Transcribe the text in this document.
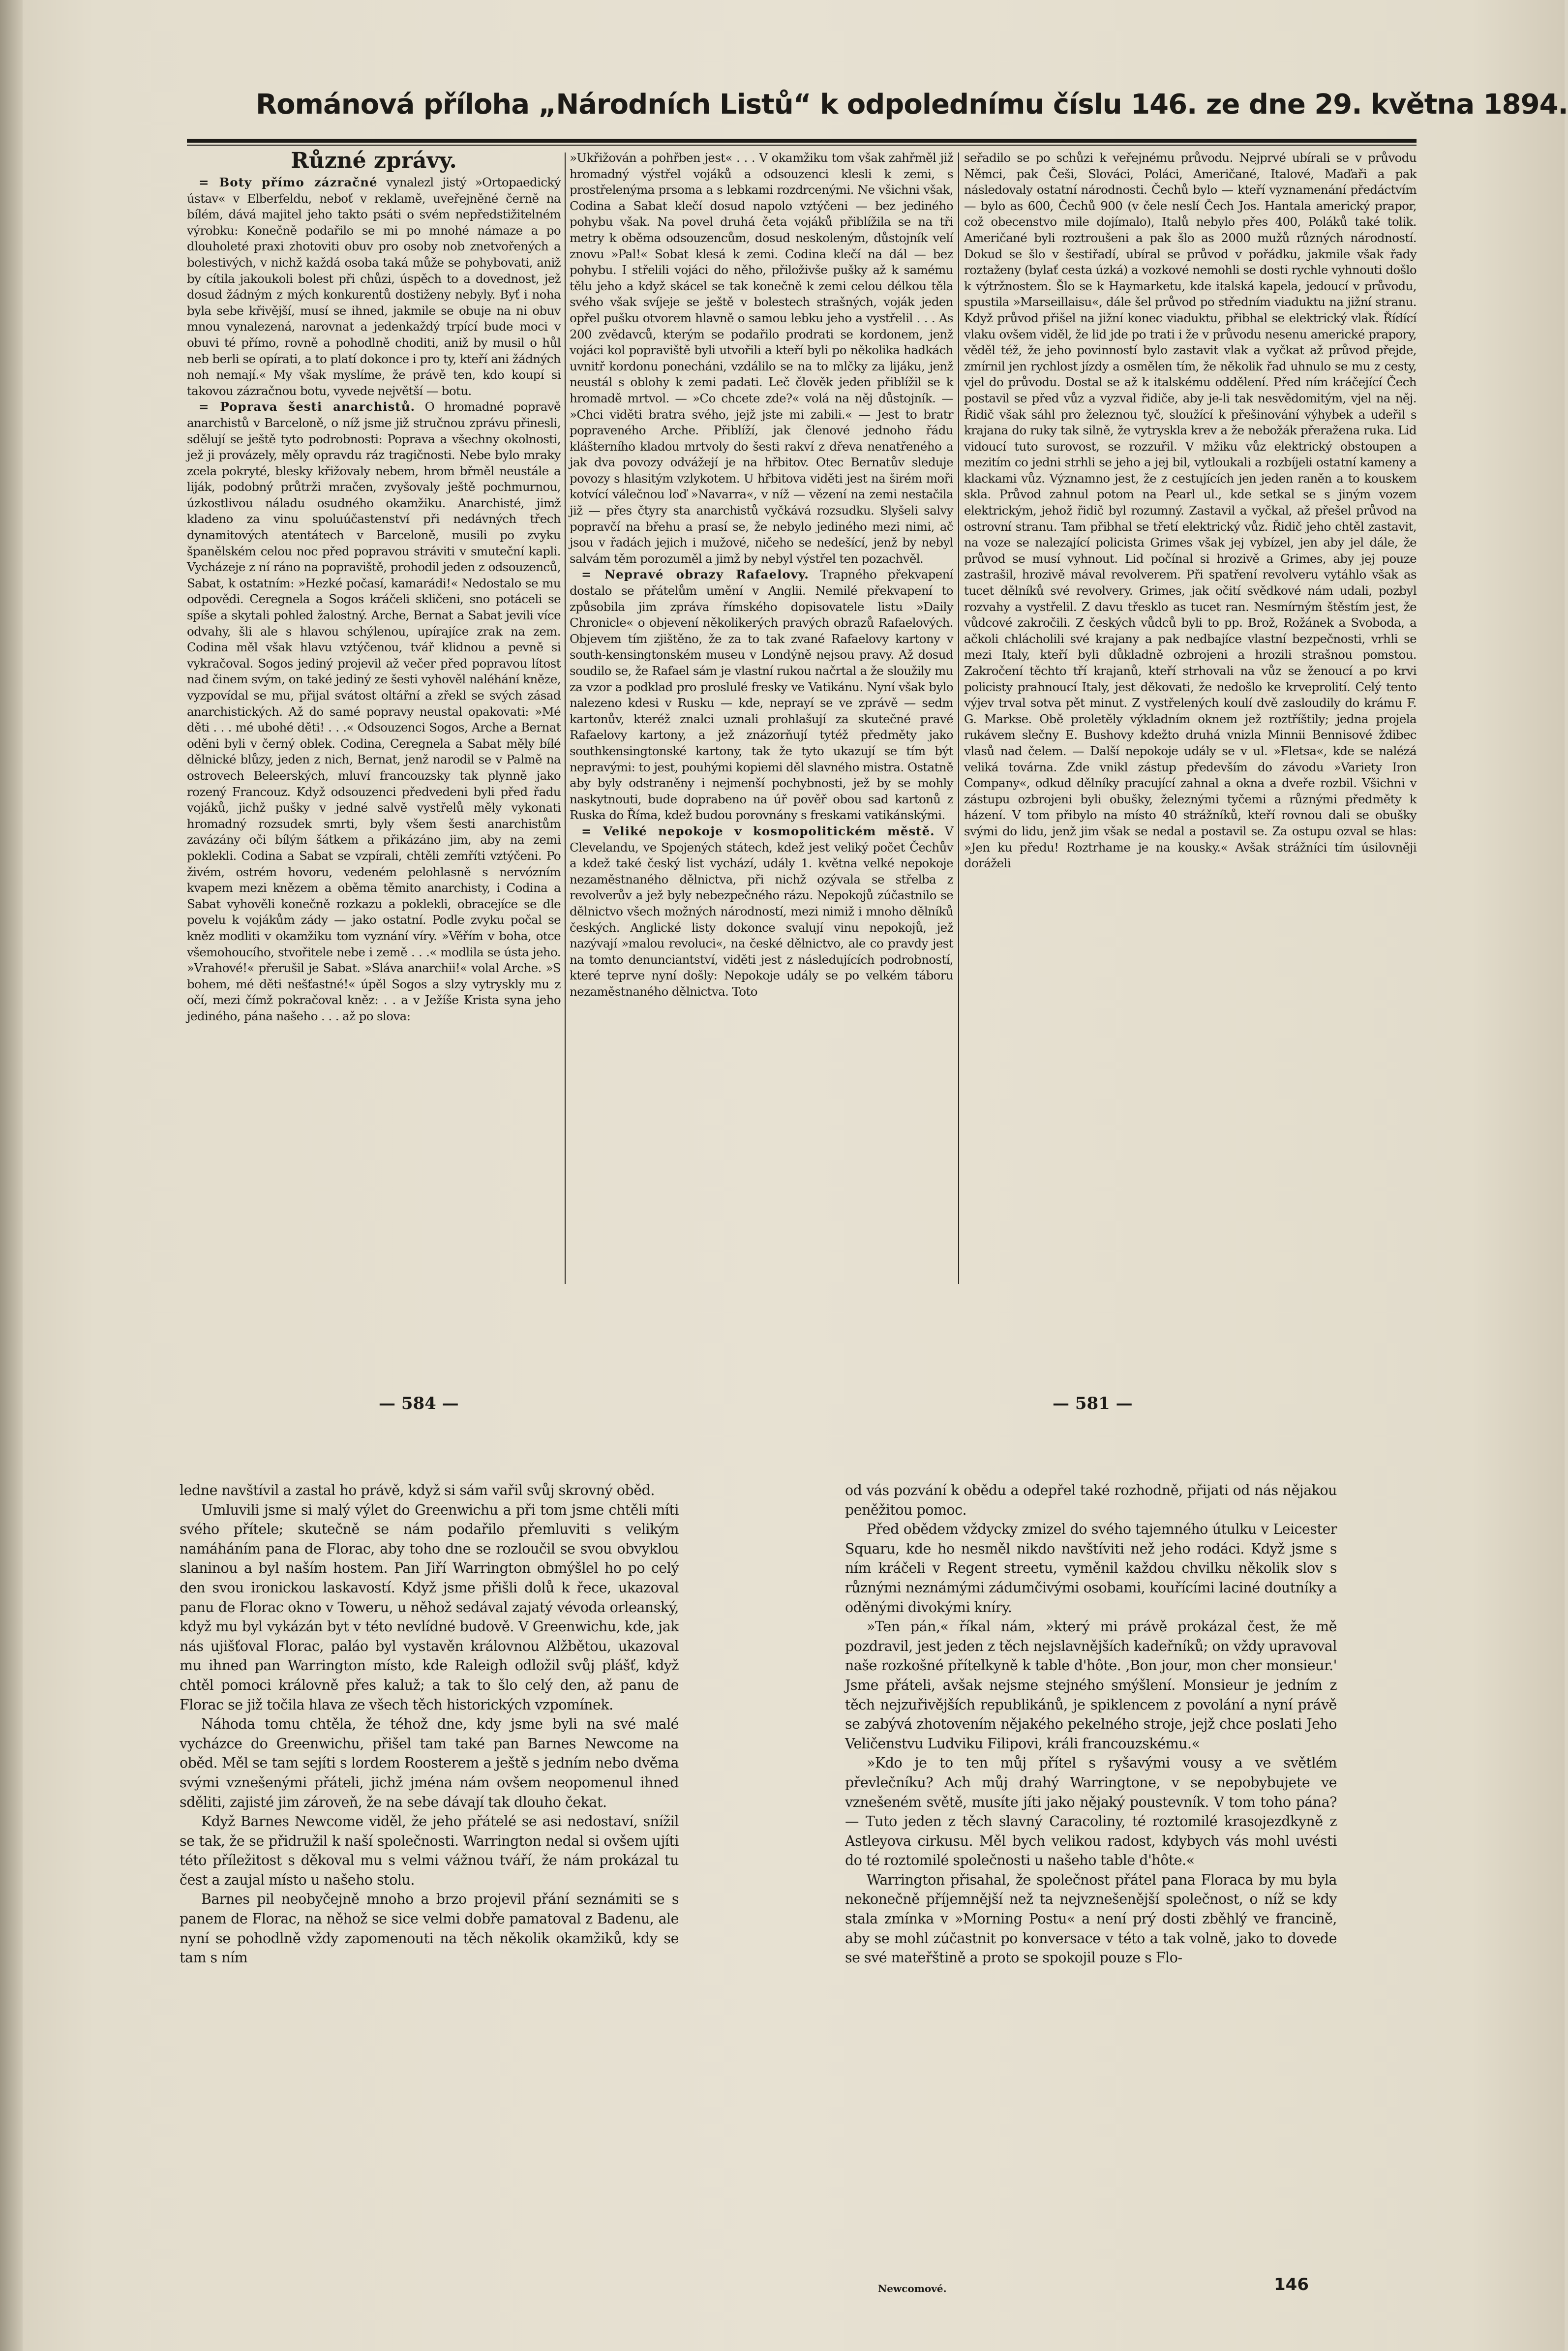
Románová příloha „Národních Listů“ k odpolednímu číslu 146. ze dne 29. května 1894.
Různé zprávy.

= Boty přímo zázračné vynalezl jistý »Ortopaedický ústav« v Elberfeldu, neboť v reklamě, uveřejněné černě na bílém, dává majitel jeho takto psáti o svém nepředstižitelném výrobku: Konečně podařilo se mi po mnohé námaze a po dlouholeté praxi zhotoviti obuv pro osoby nob znetvořených a bolestivých, v nichž každá osoba taká může se pohybovati, aniž by cítila jakoukoli bolest při chůzi, úspěch to a dovednost, jež dosud žádným z mých konkurentů dostiženy nebyly. Byť i noha byla sebe křivější, musí se ihned, jakmile se obuje na ni obuv mnou vynalezená, narovnat a jedenkaždý trpící bude moci v obuvi té přímo, rovně a pohodlně choditi, aniž by musil o hůl neb berli se opírati, a to platí dokonce i pro ty, kteří ani žádných noh nemají.« My však myslíme, že právě ten, kdo koupí si takovou zázračnou botu, vyvede největší — botu.

= Poprava šesti anarchistů. O hromadné popravě anarchistů v Barceloně, o níž jsme již stručnou zprávu přinesli, sdělují se ještě tyto podrobnosti: Poprava a všechny okolnosti, jež ji provázely, měly opravdu ráz tragičnosti. Nebe bylo mraky zcela pokryté, blesky křižovaly nebem, hrom břměl neustále a liják, podobný průtrži mračen, zvyšovaly ještě pochmurnou, úzkostlivou náladu osudného okamžiku. Anarchisté, jimž kladeno za vinu spoluúčastenství při nedávných třech dynamitových atentátech v Barceloně, musili po zvyku španělském celou noc před popravou stráviti v smuteční kapli. Vycházeje z ní ráno na popraviště, prohodil jeden z odsouzenců, Sabat, k ostatním: »Hezké počasí, kamarádi!« Nedostalo se mu odpovědi. Ceregnela a Sogos kráčeli skličeni, sno potáceli se spíše a skytali pohled žalostný. Arche, Bernat a Sabat jevili více odvahy, šli ale s hlavou schýlenou, upírajíce zrak na zem. Codina měl však hlavu vztýčenou, tvář klidnou a pevně si vykračoval. Sogos jediný projevil až večer před popravou lítost nad činem svým, on také jediný ze šesti vyhověl naléhání kněze, vyzpovídal se mu, přijal svátost oltářní a zřekl se svých zásad anarchistických. Až do samé popravy neustal opakovati: »Mé děti . . . mé ubohé děti! . . .« Odsouzenci Sogos, Arche a Bernat oděni byli v černý oblek. Codina, Ceregnela a Sabat měly bílé dělnické blůzy, jeden z nich, Bernat, jenž narodil se v Palmě na ostrovech Beleerských, mluví francouzsky tak plynně jako rozený Francouz. Když odsouzenci předvedeni byli před řadu vojáků, jichž pušky v jedné salvě vystřelů měly vykonati hromadný rozsudek smrti, byly všem šesti anarchistům zavázány oči bílým šátkem a přikázáno jim, aby na zemi poklekli. Codina a Sabat se vzpírali, chtěli zemříti vztýčeni. Po živém, ostrém hovoru, vedeném pelohlasně s nervózním kvapem mezi knězem a oběma těmito anarchisty, i Codina a Sabat vyhověli konečně rozkazu a poklekli, obracejíce se dle povelu k vojákům zády — jako ostatní. Podle zvyku počal se kněz modliti v okamžiku tom vyznání víry. »Věřím v boha, otce všemohoucího, stvořitele nebe i země . . .« modlila se ústa jeho. »Vrahové!« přerušil je Sabat. »Sláva anarchii!« volal Arche. »S bohem, mé děti nešťastné!« úpěl Sogos a slzy vytryskly mu z očí, mezi čímž pokračoval kněz: . . a v Ježíše Krista syna jeho jediného, pána našeho . . . až po slova:

»Ukřižován a pohřben jest« . . . V okamžiku tom však zahřměl již hromadný výstřel vojáků a odsouzenci klesli k zemi, s prostřelenýma prsoma a s lebkami rozdrcenými. Ne všichni však, Codina a Sabat klečí dosud napolo vztýčeni — bez jediného pohybu však. Na povel druhá četa vojáků přiblížila se na tři metry k oběma odsouzencům, dosud neskoleným, důstojník velí znovu »Pal!« Sobat klesá k zemi. Codina klečí na dál — bez pohybu. I střelili vojáci do něho, přiloživše pušky až k samému tělu jeho a když skácel se tak konečně k zemi celou délkou těla svého však svíjeje se ještě v bolestech strašných, voják jeden opřel pušku otvorem hlavně o samou lebku jeho a vystřelil . . . As 200 zvědavců, kterým se podařilo prodrati se kordonem, jenž vojáci kol popraviště byli utvořili a kteří byli po několika hadkách uvnitř kordonu ponecháni, vzdálilo se na to mlčky za lijáku, jenž neustál s oblohy k zemi padati. Leč člověk jeden přiblížil se k hromadě mrtvol. — »Co chcete zde?« volá na něj důstojník. — »Chci viděti bratra svého, jejž jste mi zabili.« — Jest to bratr popraveného Arche. Přiblíží, jak členové jednoho řádu klášterního kladou mrtvoly do šesti rakví z dřeva nenatřeného a jak dva povozy odvážejí je na hřbitov. Otec Bernatův sleduje povozy s hlasitým vzlykotem. U hřbitova viděti jest na širém moři kotvící válečnou loď »Navarra«, v níž — vězení na zemi nestačila již — přes čtyry sta anarchistů vyčkává rozsudku. Slyšeli salvy popravčí na břehu a prasí se, že nebylo jediného mezi nimi, ač jsou v řadách jejich i mužové, ničeho se nedešící, jenž by nebyl salvám těm porozuměl a jimž by nebyl výstřel ten pozachvěl.

= Nepravé obrazy Rafaelovy. Trapného překvapení dostalo se přátelům umění v Anglii. Nemilé překvapení to způsobila jim zpráva římského dopisovatele listu »Daily Chronicle« o objevení několikerých pravých obrazů Rafaelových. Objevem tím zjištěno, že za to tak zvané Rafaelovy kartony v south-kensingtonském museu v Londýně nejsou pravy. Až dosud soudilo se, že Rafael sám je vlastní rukou načrtal a že sloužily mu za vzor a podklad pro proslulé fresky ve Vatikánu. Nyní však bylo nalezeno kdesi v Rusku — kde, neprayí se ve zprávě — sedm kartonův, kteréž znalci uznali prohlašují za skutečné pravé Rafaelovy kartony, a jež znázorňují tytéž předměty jako southkensingtonské kartony, tak že tyto ukazují se tím být nepravými: to jest, pouhými kopiemi děl slavného mistra. Ostatně aby byly odstraněny i nejmenší pochybnosti, jež by se mohly naskytnouti, bude doprabeno na úř pověř obou sad kartonů z Ruska do Říma, kdež budou porovnány s freskami vatikánskými.

= Veliké nepokoje v kosmopolitickém městě. V Clevelandu, ve Spojených státech, kdež jest veliký počet Čechův a kdež také český list vychází, udály 1. května velké nepokoje nezaměstnaného dělnictva, při nichž ozývala se střelba z revolverův a jež byly nebezpečného rázu. Nepokojů zúčastnilo se dělnictvo všech možných národností, mezi nimiž i mnoho dělníků českých. Anglické listy dokonce svalují vinu nepokojů, jež nazývají »malou revoluci«, na české dělnictvo, ale co pravdy jest na tomto denunciantství, viděti jest z následujících podrobností, které teprve nyní došly: Nepokoje udály se po velkém táboru nezaměstnaného dělnictva. Toto

seřadilo se po schůzi k veřejnému průvodu. Nejprvé ubírali se v průvodu Němci, pak Češi, Slováci, Poláci, Američané, Italové, Maďaři a pak následovaly ostatní národnosti. Čechů bylo — kteří vyznamenání předáctvím — bylo as 600, Čechů 900 (v čele neslí Čech Jos. Hantala americký prapor, což obecenstvo mile dojímalo), Italů nebylo přes 400, Poláků také tolik. Američané byli roztroušeni a pak šlo as 2000 mužů různých národností. Dokud se šlo v šestiřadí, ubíral se průvod v pořádku, jakmile však řady roztaženy (bylať cesta úzká) a vozkové nemohli se dosti rychle vyhnouti došlo k výtržnostem. Šlo se k Haymarketu, kde italská kapela, jedoucí v průvodu, spustila »Marseillaisu«, dále šel průvod po středním viaduktu na jižní stranu. Když průvod přišel na jižní konec viaduktu, přibhal se elektrický vlak. Řídící vlaku ovšem viděl, že lid jde po trati i že v průvodu nesenu americké prapory, věděl též, že jeho povinností bylo zastavit vlak a vyčkat až průvod přejde, zmírnil jen rychlost jízdy a osmělen tím, že několik řad uhnulo se mu z cesty, vjel do průvodu. Dostal se až k italskému oddělení. Před ním kráčející Čech postavil se před vůz a vyzval řidiče, aby je-li tak nesvědomitým, vjel na něj. Řidič však sáhl pro železnou tyč, sloužící k přešinování výhybek a udeřil s krajana do ruky tak silně, že vytryskla krev a že nebožák přeražena ruka. Lid vidoucí tuto surovost, se rozzuřil. V mžiku vůz elektrický obstoupen a mezitím co jedni strhli se jeho a jej bil, vytloukali a rozbíjeli ostatní kameny a klackami vůz. Významno jest, že z cestujících jen jeden raněn a to kouskem skla. Průvod zahnul potom na Pearl ul., kde setkal se s jiným vozem elektrickým, jehož řidič byl rozumný. Zastavil a vyčkal, až přešel průvod na ostrovní stranu. Tam přibhal se třetí elektrický vůz. Řidič jeho chtěl zastavit, na voze se nalezající policista Grimes však jej vybízel, jen aby jel dále, že průvod se musí vyhnout. Lid počínal si hrozivě a Grimes, aby jej pouze zastrašil, hrozivě mával revolverem. Při spatření revolveru vytáhlo však as tucet dělníků své revolvery. Grimes, jak očití svědkové nám udali, pozbyl rozvahy a vystřelil. Z davu třesklo as tucet ran. Nesmírným štěstím jest, že vůdcové zakročili. Z českých vůdců byli to pp. Brož, Rožánek a Svoboda, a ačkoli chlácholili své krajany a pak nedbajíce vlastní bezpečnosti, vrhli se mezi Italy, kteří byli důkladně ozbrojeni a hrozili strašnou pomstou. Zakročení těchto tří krajanů, kteří strhovali na vůz se ženoucí a po krvi policisty prahnoucí Italy, jest děkovati, že nedošlo ke krveprolití. Celý tento výjev trval sotva pět minut. Z vystřelených koulí dvě zasloudily do krámu F. G. Markse. Obě proletěly výkladním oknem jež roztříštily; jedna projela rukávem slečny E. Bushovy kdežto druhá vnizla Minnii Bennisové ždibec vlasů nad čelem. — Další nepokoje udály se v ul. »Fletsa«, kde se nalézá veliká továrna. Zde vnikl zástup především do závodu »Variety Iron Company«, odkud dělníky pracující zahnal a okna a dveře rozbil. Všichni v zástupu ozbrojeni byli obušky, železnými tyčemi a různými předměty k házení. V tom přibylo na místo 40 strážníků, kteří rovnou dali se obušky svými do lidu, jenž jim však se nedal a postavil se. Za ostupu ozval se hlas: »Jen ku předu! Roztrhame je na kousky.« Avšak strážníci tím úsilovněji doráželi

— 584 —	— 581 —

ledne navštívil a zastal ho právě, když si sám vařil svůj skrovný oběd.

Umluvili jsme si malý výlet do Greenwichu a při tom jsme chtěli míti svého přítele; skutečně se nám podařilo přemluviti s velikým namáháním pana de Florac, aby toho dne se rozloučil se svou obvyklou slaninou a byl naším hostem. Pan Jiří Warrington obmýšlel ho po celý den svou ironickou laskavostí. Když jsme přišli dolů k řece, ukazoval panu de Florac okno v Toweru, u něhož sedával zajatý vévoda orleanský, když mu byl vykázán byt v této nevlídné budově. V Greenwichu, kde, jak nás ujišťoval Florac, paláo byl vystavěn královnou Alžbětou, ukazoval mu ihned pan Warrington místo, kde Raleigh odložil svůj plášť, když chtěl pomoci královně přes kaluž; a tak to šlo celý den, až panu de Florac se již točila hlava ze všech těch historických vzpomínek.

Náhoda tomu chtěla, že téhož dne, kdy jsme byli na své malé vycházce do Greenwichu, přišel tam také pan Barnes Newcome na oběd. Měl se tam sejíti s lordem Roosterem a ještě s jedním nebo dvěma svými vznešenými přáteli, jichž jména nám ovšem neopomenul ihned sděliti, zajisté jim zároveň, že na sebe dávají tak dlouho čekat.

Když Barnes Newcome viděl, že jeho přátelé se asi nedostaví, snížil se tak, že se přidružil k naší společnosti. Warrington nedal si ovšem ujíti této příležitost s děkoval mu s velmi vážnou tváří, že nám prokázal tu čest a zaujal místo u našeho stolu.

Barnes pil neobyčejně mnoho a brzo projevil přání seznámiti se s panem de Florac, na něhož se sice velmi dobře pamatoval z Badenu, ale nyní se pohodlně vždy zapomenouti na těch několik okamžiků, kdy se tam s ním

od vás pozvání k obědu a odepřel také rozhodně, přijati od nás nějakou peněžitou pomoc.

Před obědem vždycky zmizel do svého tajemného útulku v Leicester Squaru, kde ho nesměl nikdo navštíviti než jeho rodáci. Když jsme s ním kráčeli v Regent streetu, vyměnil každou chvilku několik slov s různými neznámými zádumčivými osobami, kouřícími laciné doutníky a oděnými divokými kníry.

»Ten pán,« říkal nám, »který mi právě prokázal čest, že mě pozdravil, jest jeden z těch nejslavnějších kadeřníků; on vždy upravoval naše rozkošné přítelkyně k table d'hôte. ,Bon jour, mon cher monsieur.' Jsme přáteli, avšak nejsme stejného smýšlení. Monsieur je jedním z těch nejzuřivějších republikánů, je spiklencem z povolání a nyní právě se zabývá zhotovením nějakého pekelného stroje, jejž chce poslati Jeho Veličenstvu Ludviku Filipovi, králi francouzskému.«

»Kdo je to ten můj přítel s ryšavými vousy a ve světlém převlečníku? Ach můj drahý Warringtone, v se nepobybujete ve vznešeném světě, musíte jíti jako nějaký poustevník. V tom toho pána? — Tuto jeden z těch slavný Caracoliny, té roztomilé krasojezdkyně z Astleyova cirkusu. Měl bych velikou radost, kdybych vás mohl uvésti do té roztomilé společnosti u našeho table d'hôte.«

Warrington přisahal, že společnost přátel pana Floraca by mu byla nekonečně příjemnější než ta nejvznešenější společnost, o níž se kdy stala zmínka v »Morning Postu« a není prý dosti zběhlý ve francině, aby se mohl zúčastnit po konversace v této a tak volně, jako to dovede se své mateřštině a proto se spokojil pouze s Flo-

Newcomové.	146
